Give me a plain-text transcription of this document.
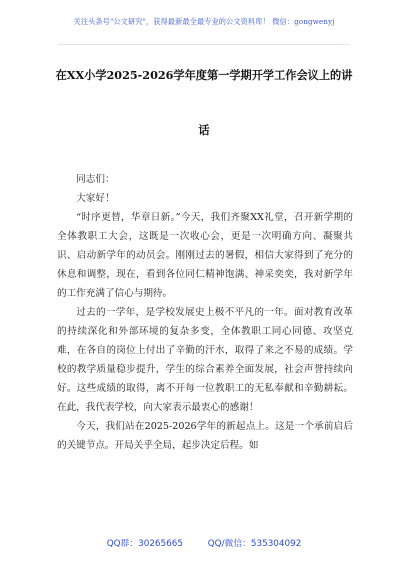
关注头条号"公文研究"，获得最新最全最专业的公文资料库！ 微信：gongwenyj
在XX小学2025-2026学年度第一学期开学工作会议上的讲
话

同志们：

大家好！

“时序更替，华章日新。”今天，我们齐聚XX礼堂，召开新学期的全体教职工大会，这既是一次收心会，更是一次明确方向、凝聚共识、启动新学年的动员会。刚刚过去的暑假，相信大家得到了充分的休息和调整，现在，看到各位同仁精神饱满、神采奕奕，我对新学年的工作充满了信心与期待。

过去的一学年，是学校发展史上极不平凡的一年。面对教育改革的持续深化和外部环境的复杂多变，全体教职工同心同德、攻坚克难，在各自的岗位上付出了辛勤的汗水，取得了来之不易的成绩。学校的教学质量稳步提升，学生的综合素养全面发展，社会声誉持续向好。这些成绩的取得，离不开每一位教职工的无私奉献和辛勤耕耘。在此，我代表学校，向大家表示最衷心的感谢！

今天，我们站在2025-2026学年的新起点上。这是一个承前启后的关键节点。开局关乎全局，起步决定后程。如

QQ群：30265665	QQ/微信：535304092
